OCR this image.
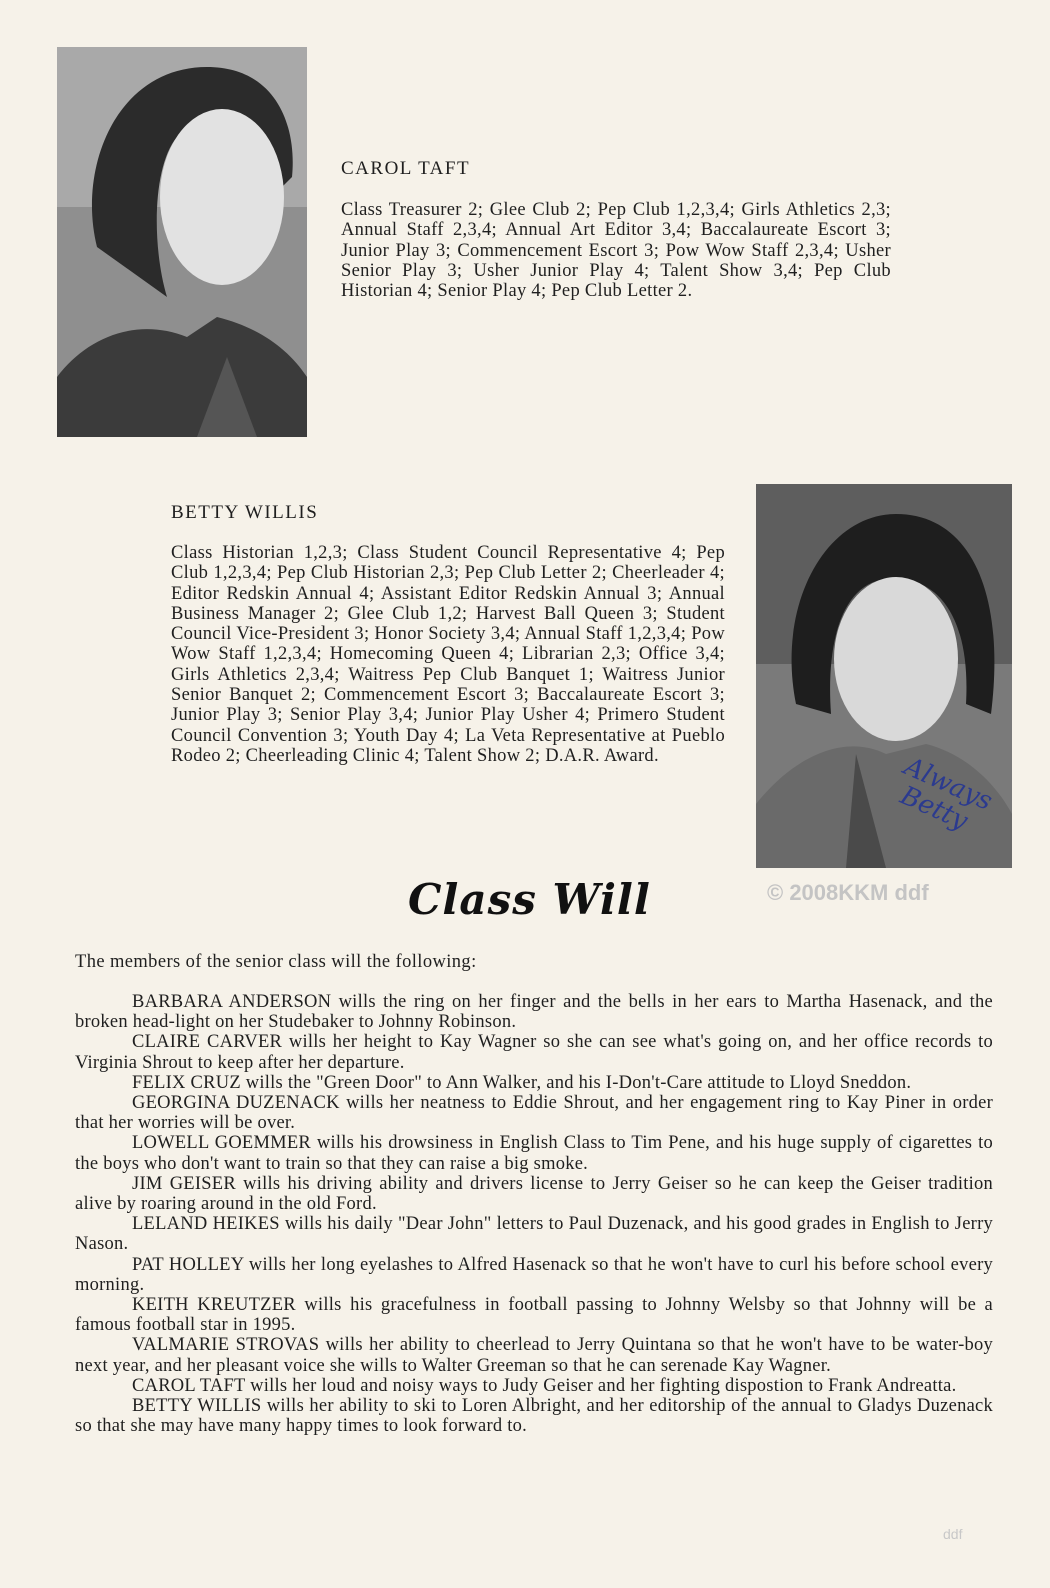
CAROL TAFT
Class Treasurer 2; Glee Club 2; Pep Club 1,2,3,4; Girls Athletics 2,3; Annual Staff 2,3,4; Annual Art Editor 3,4; Baccalaureate Escort 3; Junior Play 3; Commencement Escort 3; Pow Wow Staff 2,3,4; Usher Senior Play 3; Usher Junior Play 4; Talent Show 3,4; Pep Club Historian 4; Senior Play 4; Pep Club Letter 2.
BETTY WILLIS
Class Historian 1,2,3; Class Student Council Representative 4; Pep Club 1,2,3,4; Pep Club Historian 2,3; Pep Club Letter 2; Cheerleader 4; Editor Redskin Annual 4; Assistant Editor Redskin Annual 3; Annual Business Manager 2; Glee Club 1,2; Harvest Ball Queen 3; Student Council Vice-President 3; Honor Society 3,4; Annual Staff 1,2,3,4; Pow Wow Staff 1,2,3,4; Homecoming Queen 4; Librarian 2,3; Office 3,4; Girls Athletics 2,3,4; Waitress Pep Club Banquet 1; Waitress Junior Senior Banquet 2; Commencement Escort 3; Baccalaureate Escort 3; Junior Play 3; Senior Play 3,4; Junior Play Usher 4; Primero Student Council Convention 3; Youth Day 4; La Veta Representative at Pueblo Rodeo 2; Cheerleading Clinic 4; Talent Show 2; D.A.R. Award.	Always
Betty
Class Will	© 2008KKM ddf
The members of the senior class will the following:

BARBARA ANDERSON wills the ring on her finger and the bells in her ears to Martha Hasenack, and the broken head-light on her Studebaker to Johnny Robinson.

CLAIRE CARVER wills her height to Kay Wagner so she can see what's going on, and her office records to Virginia Shrout to keep after her departure.

FELIX CRUZ wills the "Green Door" to Ann Walker, and his I-Don't-Care attitude to Lloyd Sneddon.

GEORGINA DUZENACK wills her neatness to Eddie Shrout, and her engagement ring to Kay Piner in order that her worries will be over.

LOWELL GOEMMER wills his drowsiness in English Class to Tim Pene, and his huge supply of cigarettes to the boys who don't want to train so that they can raise a big smoke.

JIM GEISER wills his driving ability and drivers license to Jerry Geiser so he can keep the Geiser tradition alive by roaring around in the old Ford.

LELAND HEIKES wills his daily "Dear John" letters to Paul Duzenack, and his good grades in English to Jerry Nason.

PAT HOLLEY wills her long eyelashes to Alfred Hasenack so that he won't have to curl his before school every morning.

KEITH KREUTZER wills his gracefulness in football passing to Johnny Welsby so that Johnny will be a famous football star in 1995.

VALMARIE STROVAS wills her ability to cheerlead to Jerry Quintana so that he won't have to be water-boy next year, and her pleasant voice she wills to Walter Greeman so that he can serenade Kay Wagner.

CAROL TAFT wills her loud and noisy ways to Judy Geiser and her fighting dispostion to Frank Andreatta.

BETTY WILLIS wills her ability to ski to Loren Albright, and her editorship of the annual to Gladys Duzenack so that she may have many happy times to look forward to.

ddf
